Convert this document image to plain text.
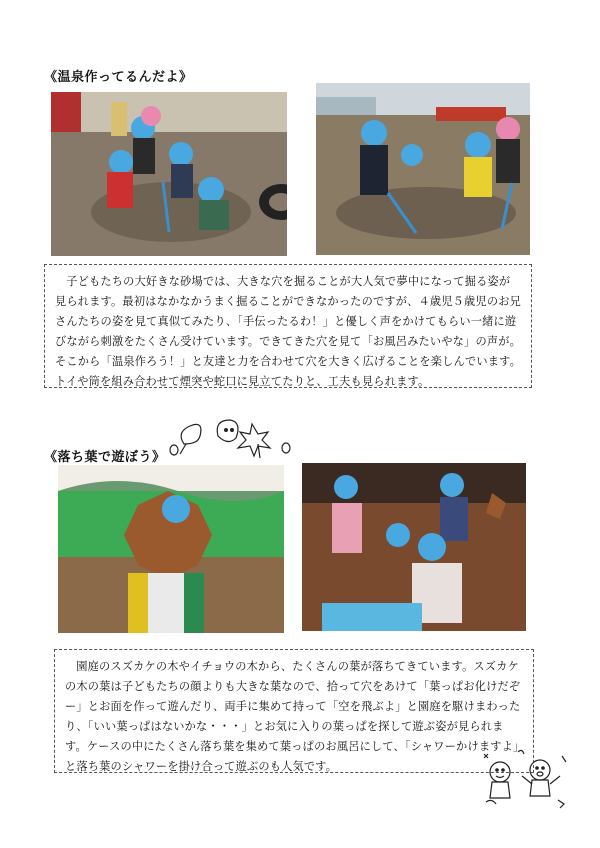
《温泉作ってるんだよ》

子どもたちの大好きな砂場では、大きな穴を掘ることが大人気で夢中になって掘る姿が見られます。最初はなかなかうまく掘ることができなかったのですが、４歳児５歳児のお兄さんたちの姿を見て真似てみたり、「手伝ったるわ！」と優しく声をかけてもらい一緒に遊びながら刺激をたくさん受けています。できてきた穴を見て「お風呂みたいやな」の声が。そこから「温泉作ろう！」と友達と力を合わせて穴を大きく広げることを楽しんでいます。トイや筒を組み合わせて煙突や蛇口に見立てたりと、工夫も見られます。

《落ち葉で遊ぼう》

園庭のスズカケの木やイチョウの木から、たくさんの葉が落ちてきています。スズカケの木の葉は子どもたちの顔よりも大きな葉なので、拾って穴をあけて「葉っぱお化けだぞー」とお面を作って遊んだり、両手に集めて持って「空を飛ぶよ」と園庭を駆けまわったり、「いい葉っぱはないかな・・・」とお気に入りの葉っぱを探して遊ぶ姿が見られます。ケースの中にたくさん落ち葉を集めて葉っぱのお風呂にして、「シャワーかけますよ」と落ち葉のシャワーを掛け合って遊ぶのも人気です。
